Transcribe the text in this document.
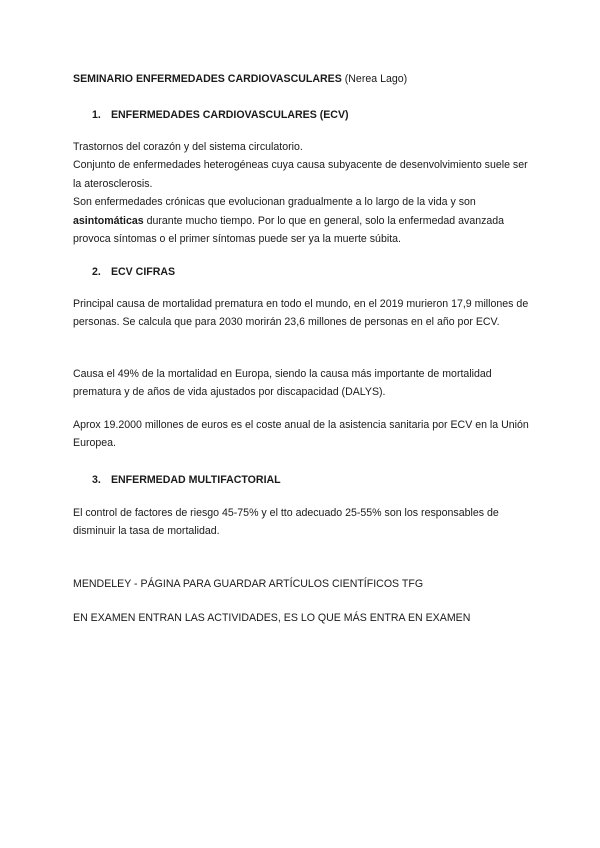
SEMINARIO ENFERMEDADES CARDIOVASCULARES (Nerea Lago)
1. ENFERMEDADES CARDIOVASCULARES (ECV)

Trastornos del corazón y del sistema circulatorio.

Conjunto de enfermedades heterogéneas cuya causa subyacente de desenvolvimiento suele ser la aterosclerosis.

Son enfermedades crónicas que evolucionan gradualmente a lo largo de la vida y son asintomáticas durante mucho tiempo. Por lo que en general, solo la enfermedad avanzada provoca síntomas o el primer síntomas puede ser ya la muerte súbita.

2. ECV CIFRAS

Principal causa de mortalidad prematura en todo el mundo, en el 2019 murieron 17,9 millones de personas. Se calcula que para 2030 morirán 23,6 millones de personas en el año por ECV.

Causa el 49% de la mortalidad en Europa, siendo la causa más importante de mortalidad prematura y de años de vida ajustados por discapacidad (DALYS).

Aprox 19.2000 millones de euros es el coste anual de la asistencia sanitaria por ECV en la Unión Europea.

3. ENFERMEDAD MULTIFACTORIAL

El control de factores de riesgo 45-75% y el tto adecuado 25-55% son los responsables de disminuir la tasa de mortalidad.

MENDELEY - PÁGINA PARA GUARDAR ARTÍCULOS CIENTÍFICOS TFG
EN EXAMEN ENTRAN LAS ACTIVIDADES, ES LO QUE MÁS ENTRA EN EXAMEN
